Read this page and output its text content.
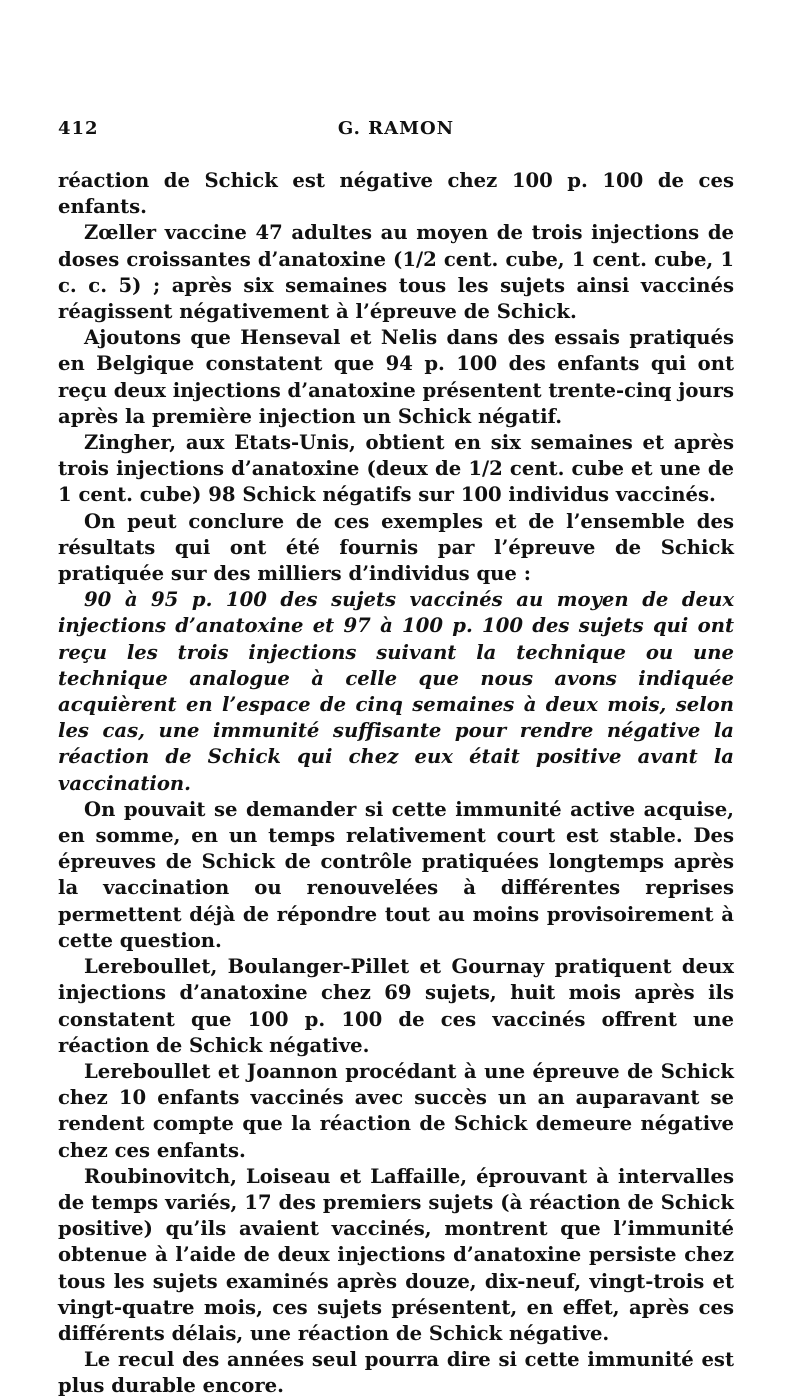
412	G. RAMON

réaction de Schick est négative chez 100 p. 100 de ces enfants.

Zœller vaccine 47 adultes au moyen de trois injections de doses croissantes d’anatoxine (1/2 cent. cube, 1 cent. cube, 1 c. c. 5) ; après six semaines tous les sujets ainsi vaccinés réagissent négativement à l’épreuve de Schick.

Ajoutons que Henseval et Nelis dans des essais pratiqués en Belgique constatent que 94 p. 100 des enfants qui ont reçu deux injections d’anatoxine présentent trente-cinq jours après la première injection un Schick négatif.

Zingher, aux Etats-Unis, obtient en six semaines et après trois injections d’anatoxine (deux de 1/2 cent. cube et une de 1 cent. cube) 98 Schick négatifs sur 100 individus vaccinés.

On peut conclure de ces exemples et de l’ensemble des résultats qui ont été fournis par l’épreuve de Schick pratiquée sur des milliers d’individus que :

90 à 95 p. 100 des sujets vaccinés au moyen de deux injections d’anatoxine et 97 à 100 p. 100 des sujets qui ont reçu les trois injections suivant la technique ou une technique analogue à celle que nous avons indiquée acquièrent en l’espace de cinq semaines à deux mois, selon les cas, une immunité suffisante pour rendre négative la réaction de Schick qui chez eux était positive avant la vaccination.

On pouvait se demander si cette immunité active acquise, en somme, en un temps relativement court est stable. Des épreuves de Schick de contrôle pratiquées longtemps après la vaccination ou renouvelées à différentes reprises permettent déjà de répondre tout au moins provisoirement à cette question.

Lereboullet, Boulanger-Pillet et Gournay pratiquent deux injections d’anatoxine chez 69 sujets, huit mois après ils constatent que 100 p. 100 de ces vaccinés offrent une réaction de Schick négative.

Lereboullet et Joannon procédant à une épreuve de Schick chez 10 enfants vaccinés avec succès un an auparavant se rendent compte que la réaction de Schick demeure négative chez ces enfants.

Roubinovitch, Loiseau et Laffaille, éprouvant à intervalles de temps variés, 17 des premiers sujets (à réaction de Schick positive) qu’ils avaient vaccinés, montrent que l’immunité obtenue à l’aide de deux injections d’anatoxine persiste chez tous les sujets examinés après douze, dix-neuf, vingt-trois et vingt-quatre mois, ces sujets présentent, en effet, après ces différents délais, une réaction de Schick négative.

Le recul des années seul pourra dire si cette immunité est plus durable encore.
